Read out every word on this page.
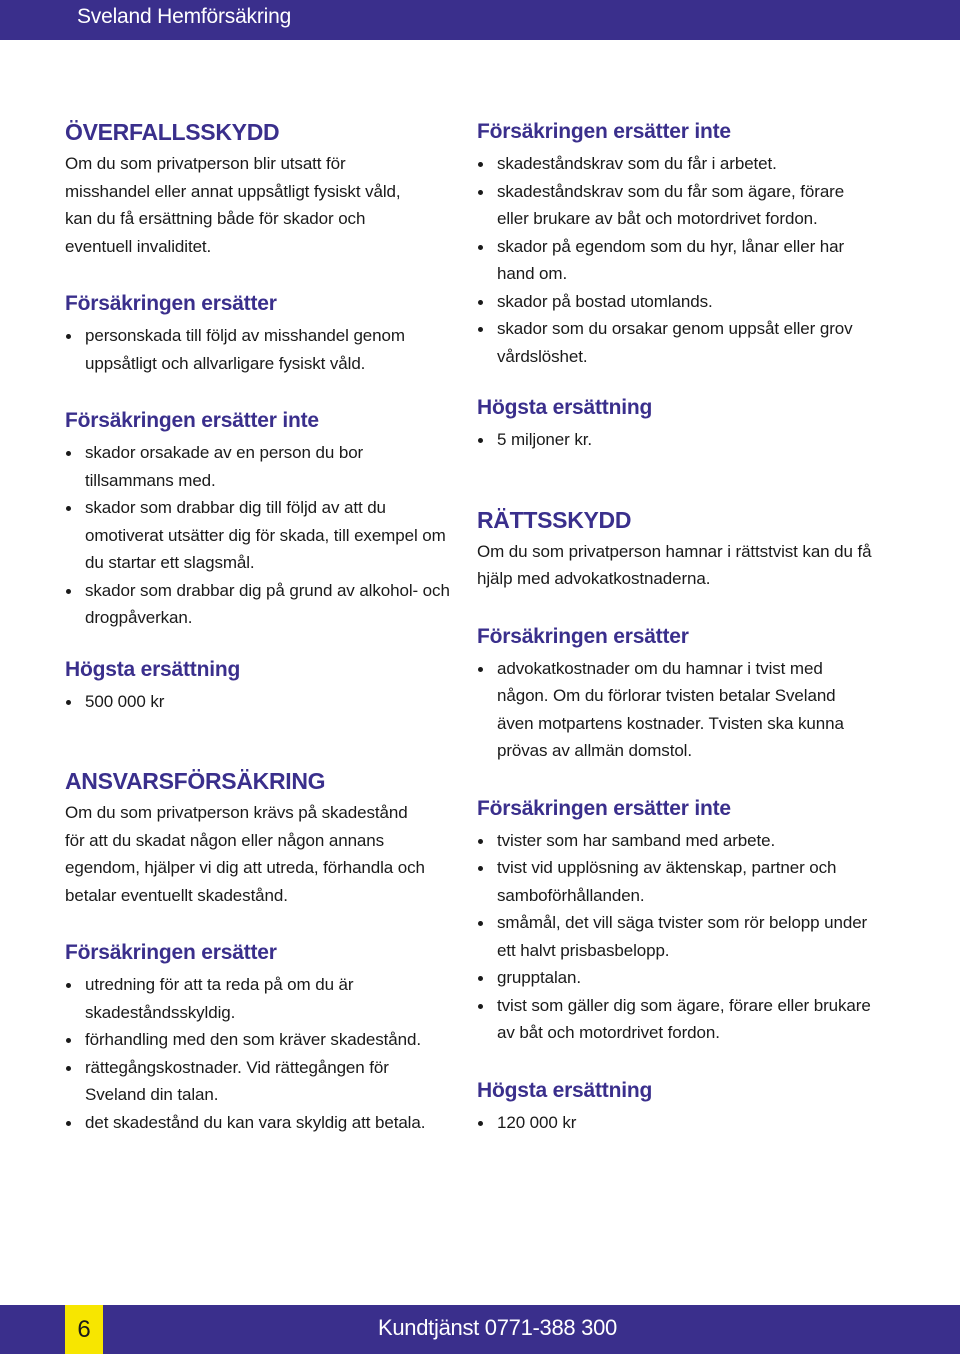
Sveland Hemförsäkring
ÖVERFALLSSKYDD

Om du som privatperson blir utsatt för misshandel eller annat uppsåtligt fysiskt våld, kan du få ersättning både för skador och eventuell invaliditet.

Försäkringen ersätter
personskada till följd av misshandel genom uppsåtligt och allvarligare fysiskt våld.
Försäkringen ersätter inte
skador orsakade av en person du bor tillsammans med.
skador som drabbar dig till följd av att du omotiverat utsätter dig för skada, till exempel om du startar ett slagsmål.
skador som drabbar dig på grund av alkohol- och drogpåverkan.
Högsta ersättning
500 000 kr
ANSVARSFÖRSÄKRING

Om du som privatperson krävs på skadestånd för att du skadat någon eller någon annans egendom, hjälper vi dig att utreda, förhandla och betalar eventuellt skadestånd.

Försäkringen ersätter
utredning för att ta reda på om du är skadeståndsskyldig.
förhandling med den som kräver skadestånd.
rättegångskostnader. Vid rättegången för Sveland din talan.
det skadestånd du kan vara skyldig att betala.
Försäkringen ersätter inte
skadeståndskrav som du får i arbetet.
skadeståndskrav som du får som ägare, förare eller brukare av båt och motordrivet fordon.
skador på egendom som du hyr, lånar eller har hand om.
skador på bostad utomlands.
skador som du orsakar genom uppsåt eller grov vårdslöshet.
Högsta ersättning
5 miljoner kr.
RÄTTSSKYDD

Om du som privatperson hamnar i rättstvist kan du få hjälp med advokatkostnaderna.

Försäkringen ersätter
advokatkostnader om du hamnar i tvist med någon. Om du förlorar tvisten betalar Sveland även motpartens kostnader. Tvisten ska kunna prövas av allmän domstol.
Försäkringen ersätter inte
tvister som har samband med arbete.
tvist vid upplösning av äktenskap, partner och samboförhållanden.
småmål, det vill säga tvister som rör belopp under ett halvt prisbasbelopp.
grupptalan.
tvist som gäller dig som ägare, förare eller brukare av båt och motordrivet fordon.
Högsta ersättning
120 000 kr
6	Kundtjänst 0771-388 300
